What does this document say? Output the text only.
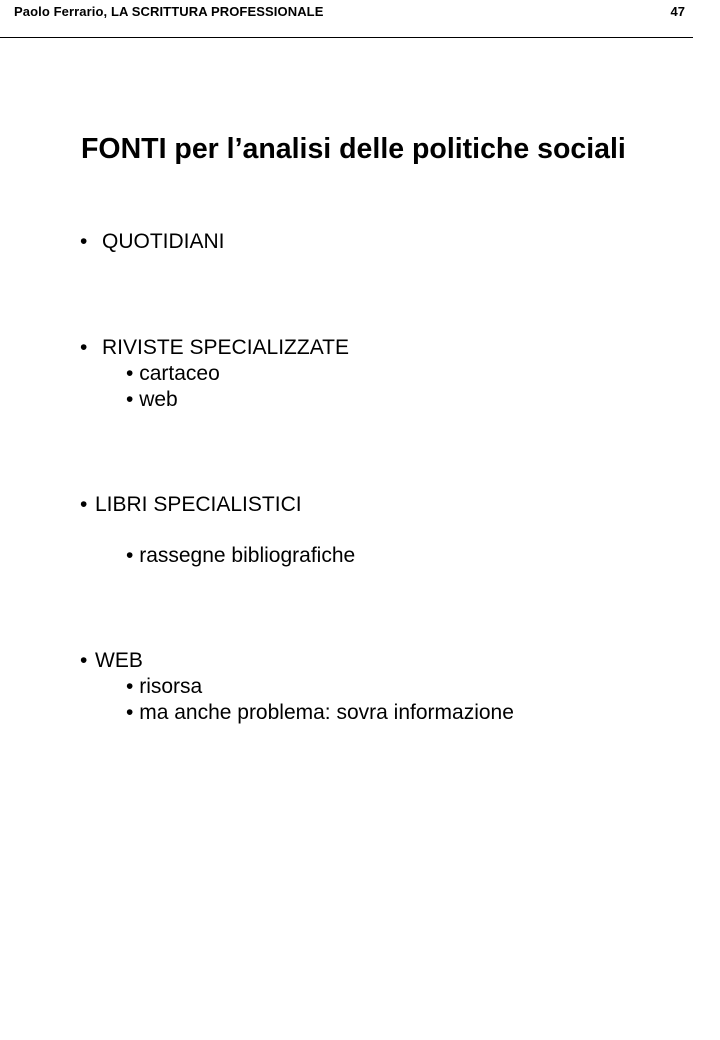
Paolo Ferrario, LA SCRITTURA PROFESSIONALE	47
FONTI per l’analisi delle politiche sociali
• QUOTIDIANI
• RIVISTE SPECIALIZZATE
• cartaceo
• web
• LIBRI SPECIALISTICI
• rassegne bibliografiche
• WEB
• risorsa
• ma anche problema: sovra informazione
